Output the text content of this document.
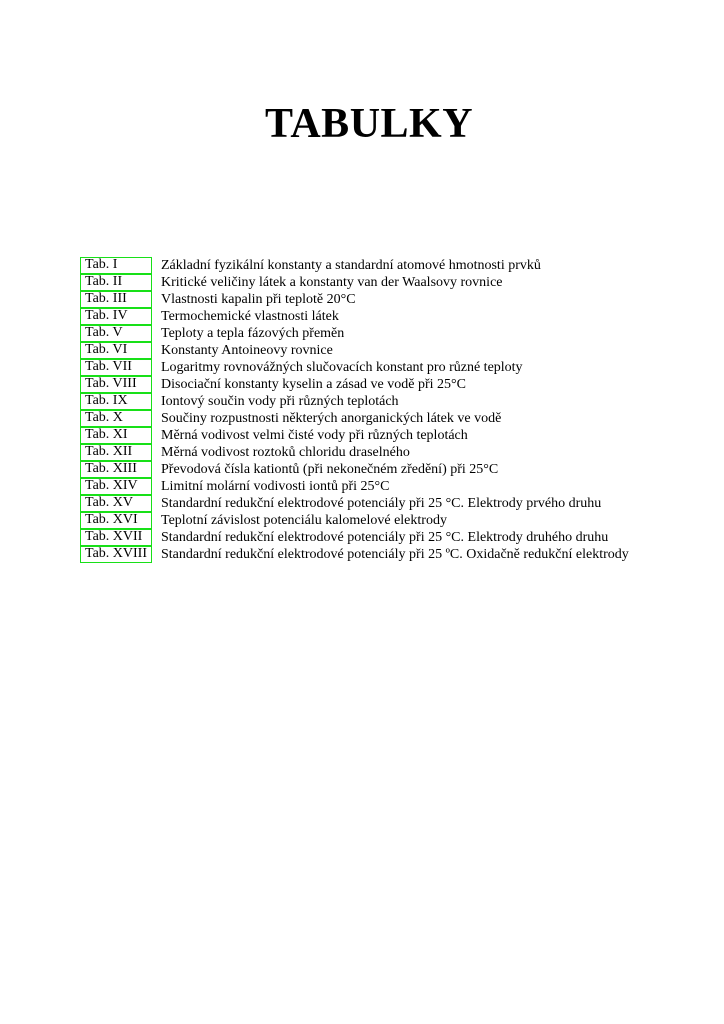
TABULKY
Tab. I	Základní fyzikální konstanty a standardní atomové hmotnosti prvků
Tab. II	Kritické veličiny látek a konstanty van der Waalsovy rovnice
Tab. III	Vlastnosti kapalin při teplotě 20°C
Tab. IV	Termochemické vlastnosti látek
Tab. V	Teploty a tepla fázových přeměn
Tab. VI	Konstanty Antoineovy rovnice
Tab. VII	Logaritmy rovnovážných slučovacích konstant pro různé teploty
Tab. VIII	Disociační konstanty kyselin a zásad ve vodě při 25°C
Tab. IX	Iontový součin vody při různých teplotách
Tab. X	Součiny rozpustnosti některých anorganických látek ve vodě
Tab. XI	Měrná vodivost velmi čisté vody při různých teplotách
Tab. XII	Měrná vodivost roztoků chloridu draselného
Tab. XIII	Převodová čísla kationtů (při nekonečném zředění) při 25°C
Tab. XIV	Limitní molární vodivosti iontů při 25°C
Tab. XV	Standardní redukční elektrodové potenciály při 25 °C. Elektrody prvého druhu
Tab. XVI	Teplotní závislost potenciálu kalomelové elektrody
Tab. XVII	Standardní redukční elektrodové potenciály při 25 °C. Elektrody druhého druhu
Tab. XVIII	Standardní redukční elektrodové potenciály při 25 ºC. Oxidačně redukční elektrody
